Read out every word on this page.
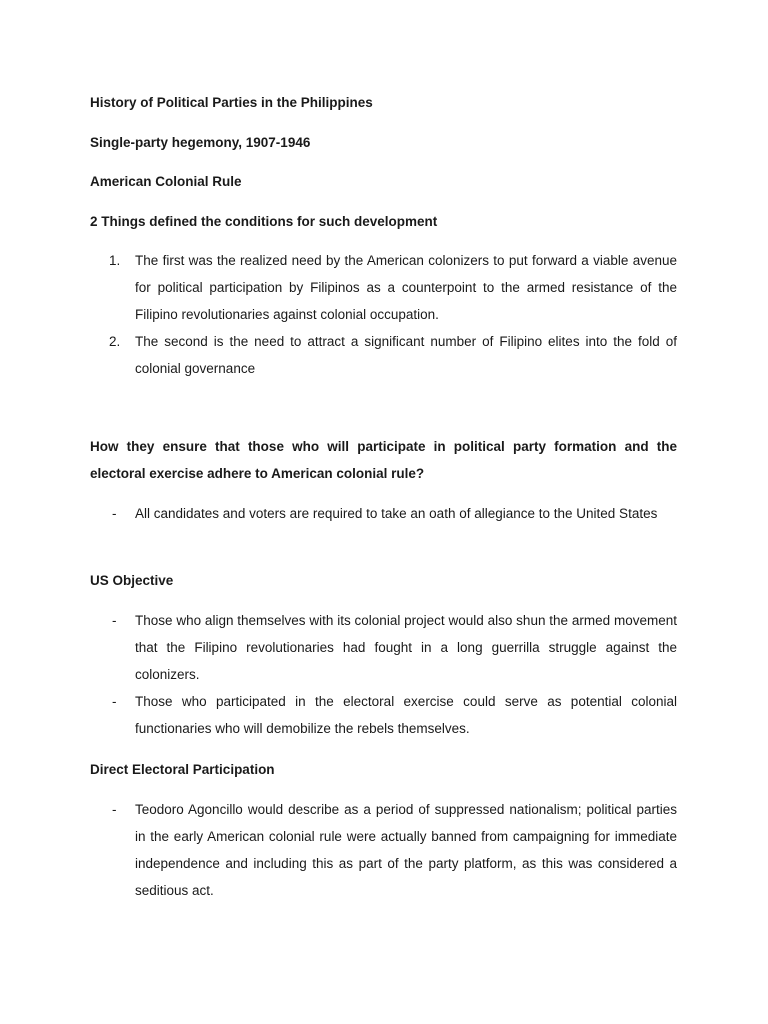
History of Political Parties in the Philippines

Single-party hegemony, 1907-1946

American Colonial Rule

2 Things defined the conditions for such development

1. The first was the realized need by the American colonizers to put forward a viable avenue for political participation by Filipinos as a counterpoint to the armed resistance of the Filipino revolutionaries against colonial occupation.
2. The second is the need to attract a significant number of Filipino elites into the fold of colonial governance

How they ensure that those who will participate in political party formation and the electoral exercise adhere to American colonial rule?

- All candidates and voters are required to take an oath of allegiance to the United States

US Objective

- Those who align themselves with its colonial project would also shun the armed movement that the Filipino revolutionaries had fought in a long guerrilla struggle against the colonizers.
- Those who participated in the electoral exercise could serve as potential colonial functionaries who will demobilize the rebels themselves.

Direct Electoral Participation

- Teodoro Agoncillo would describe as a period of suppressed nationalism; political parties in the early American colonial rule were actually banned from campaigning for immediate independence and including this as part of the party platform, as this was considered a seditious act.
